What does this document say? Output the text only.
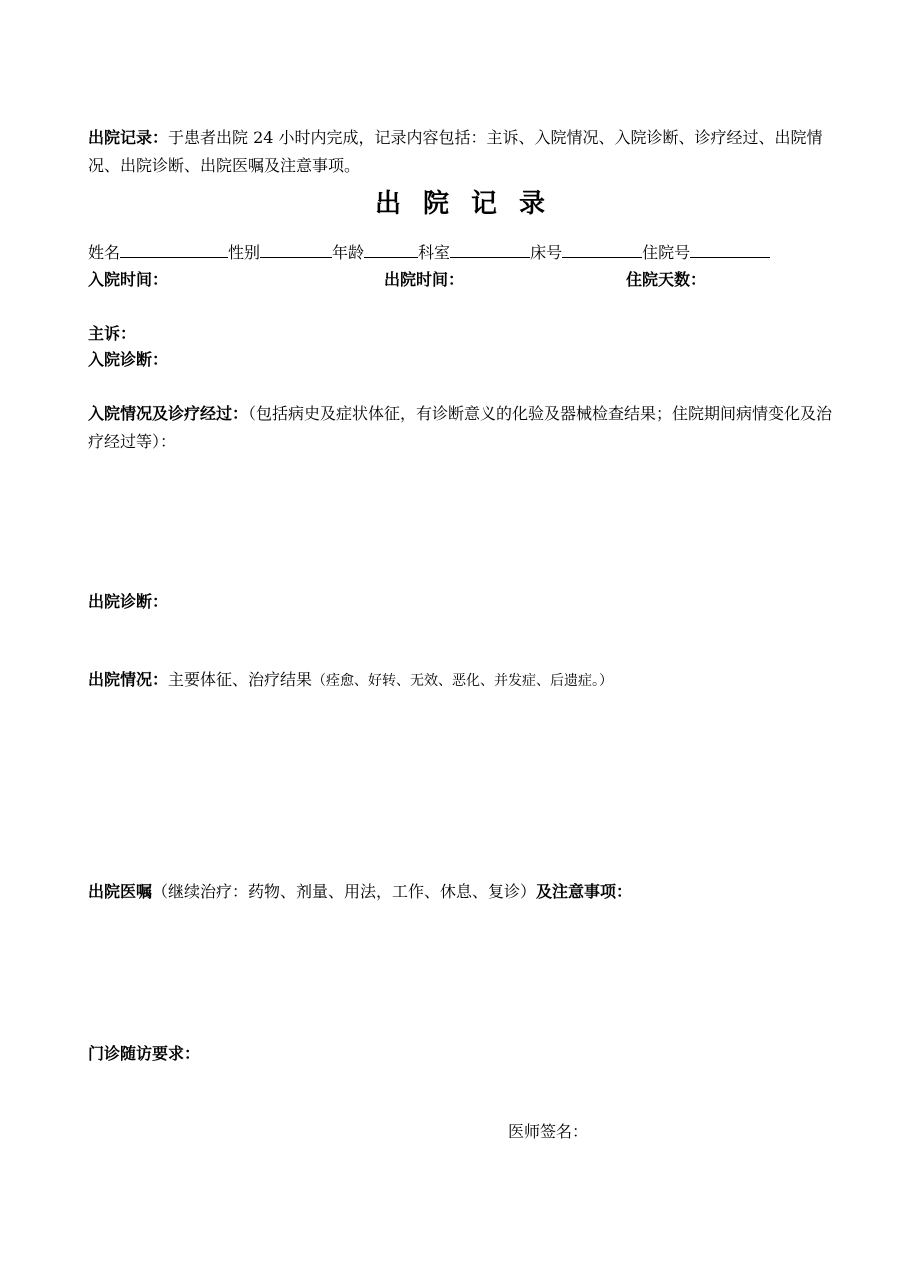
出院记录：于患者出院 24 小时内完成，记录内容包括：主诉、入院情况、入院诊断、诊疗经过、出院情况、出院诊断、出院医嘱及注意事项。
出院记录
姓名	性别	年龄	科室	床号	住院号
入院时间：	出院时间：	住院天数：
主诉：
入院诊断：
入院情况及诊疗经过：（包括病史及症状体征，有诊断意义的化验及器械检查结果；住院期间病情变化及治疗经过等）：
出院诊断：
出院情况：主要体征、治疗结果（痊愈、好转、无效、恶化、并发症、后遗症。）
出院医嘱（继续治疗：药物、剂量、用法，工作、休息、复诊）及注意事项：
门诊随访要求：
医师签名：
